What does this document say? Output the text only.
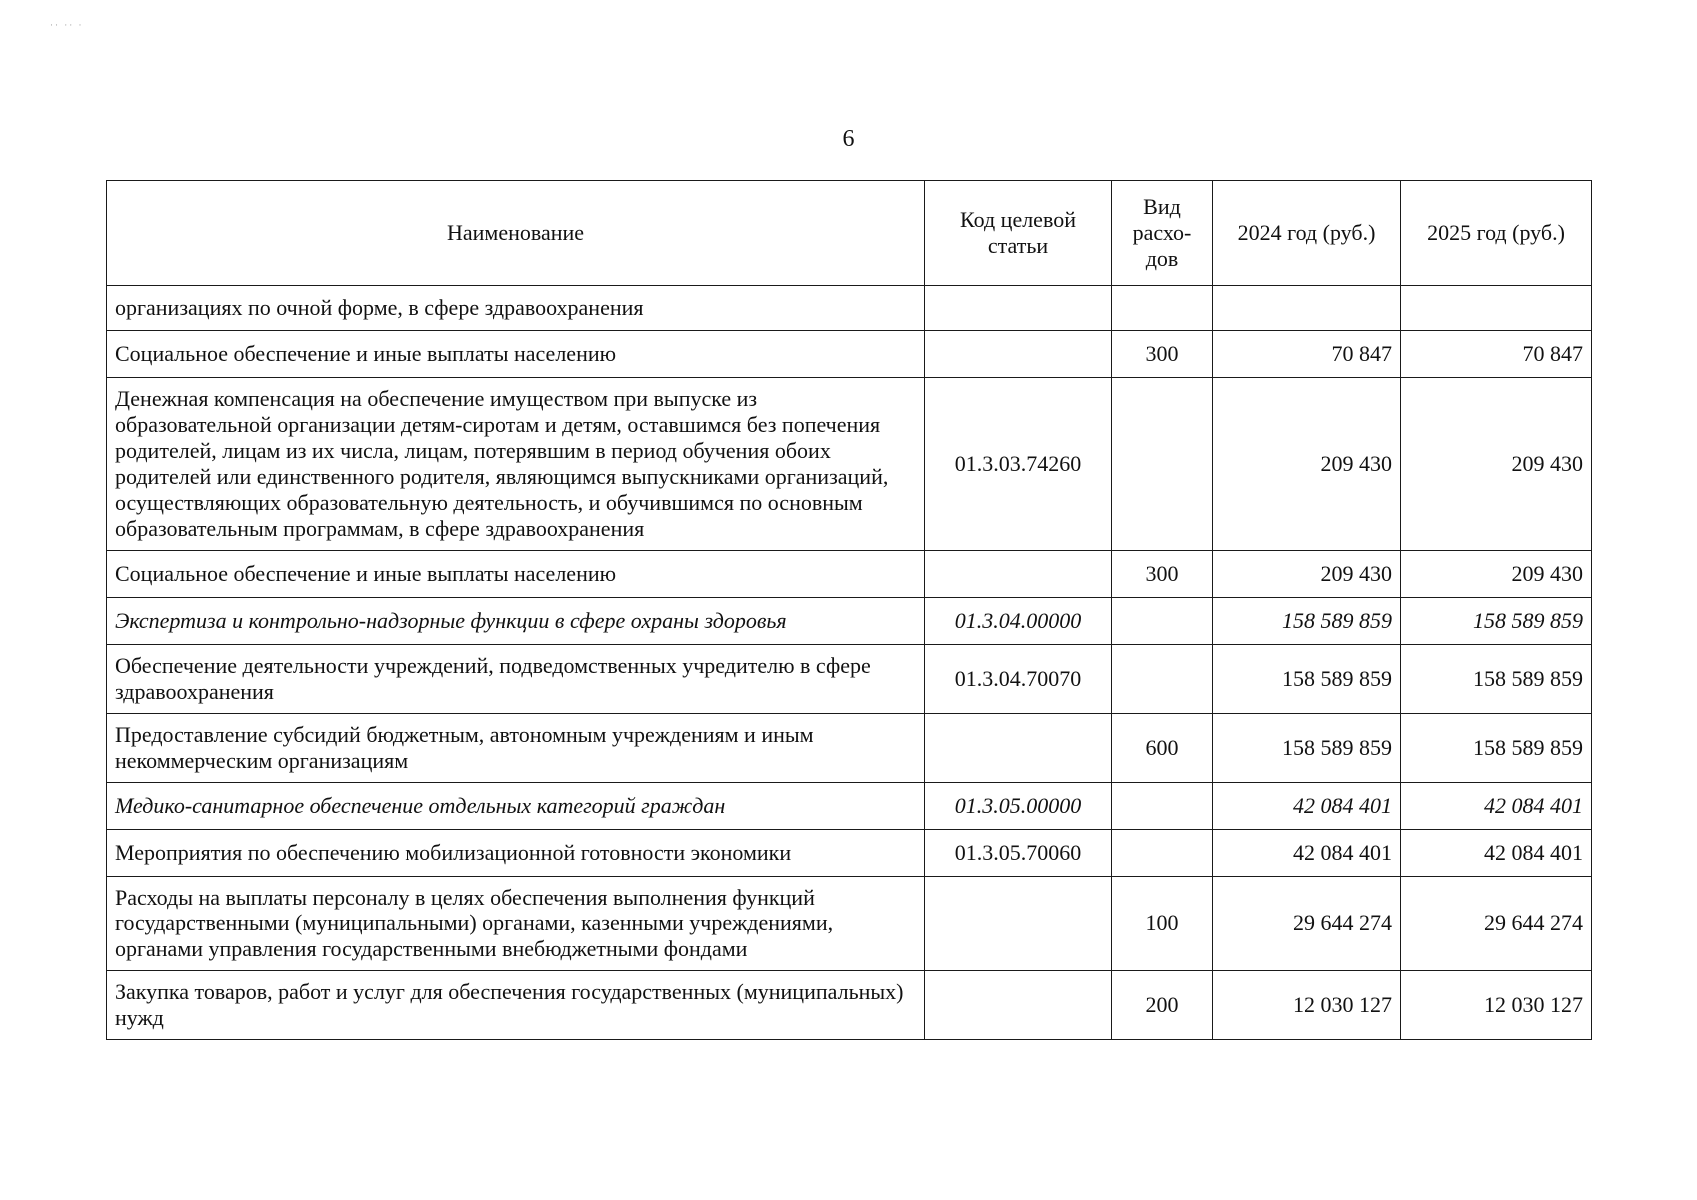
·· ·· ·
6
Наименование	Код целевой статьи	Вид расхо-дов	2024 год (руб.)	2025 год (руб.)
организациях по очной форме, в сфере здравоохранения				
Социальное обеспечение и иные выплаты населению		300	70 847	70 847
Денежная компенсация на обеспечение имуществом при выпуске из образовательной организации детям-сиротам и детям, оставшимся без попечения родителей, лицам из их числа, лицам, потерявшим в период обучения обоих родителей или единственного родителя, являющимся выпускниками организаций, осуществляющих образовательную деятельность, и обучившимся по основным образовательным программам, в сфере здравоохранения	01.3.03.74260		209 430	209 430
Социальное обеспечение и иные выплаты населению		300	209 430	209 430
Экспертиза и контрольно-надзорные функции в сфере охраны здоровья	01.3.04.00000		158 589 859	158 589 859
Обеспечение деятельности учреждений, подведомственных учредителю в сфере здравоохранения	01.3.04.70070		158 589 859	158 589 859
Предоставление субсидий бюджетным, автономным учреждениям и иным некоммерческим организациям		600	158 589 859	158 589 859
Медико-санитарное обеспечение отдельных категорий граждан	01.3.05.00000		42 084 401	42 084 401
Мероприятия по обеспечению мобилизационной готовности экономики	01.3.05.70060		42 084 401	42 084 401
Расходы на выплаты персоналу в целях обеспечения выполнения функций государственными (муниципальными) органами, казенными учреждениями, органами управления государственными внебюджетными фондами		100	29 644 274	29 644 274
Закупка товаров, работ и услуг для обеспечения государственных (муниципальных) нужд		200	12 030 127	12 030 127
